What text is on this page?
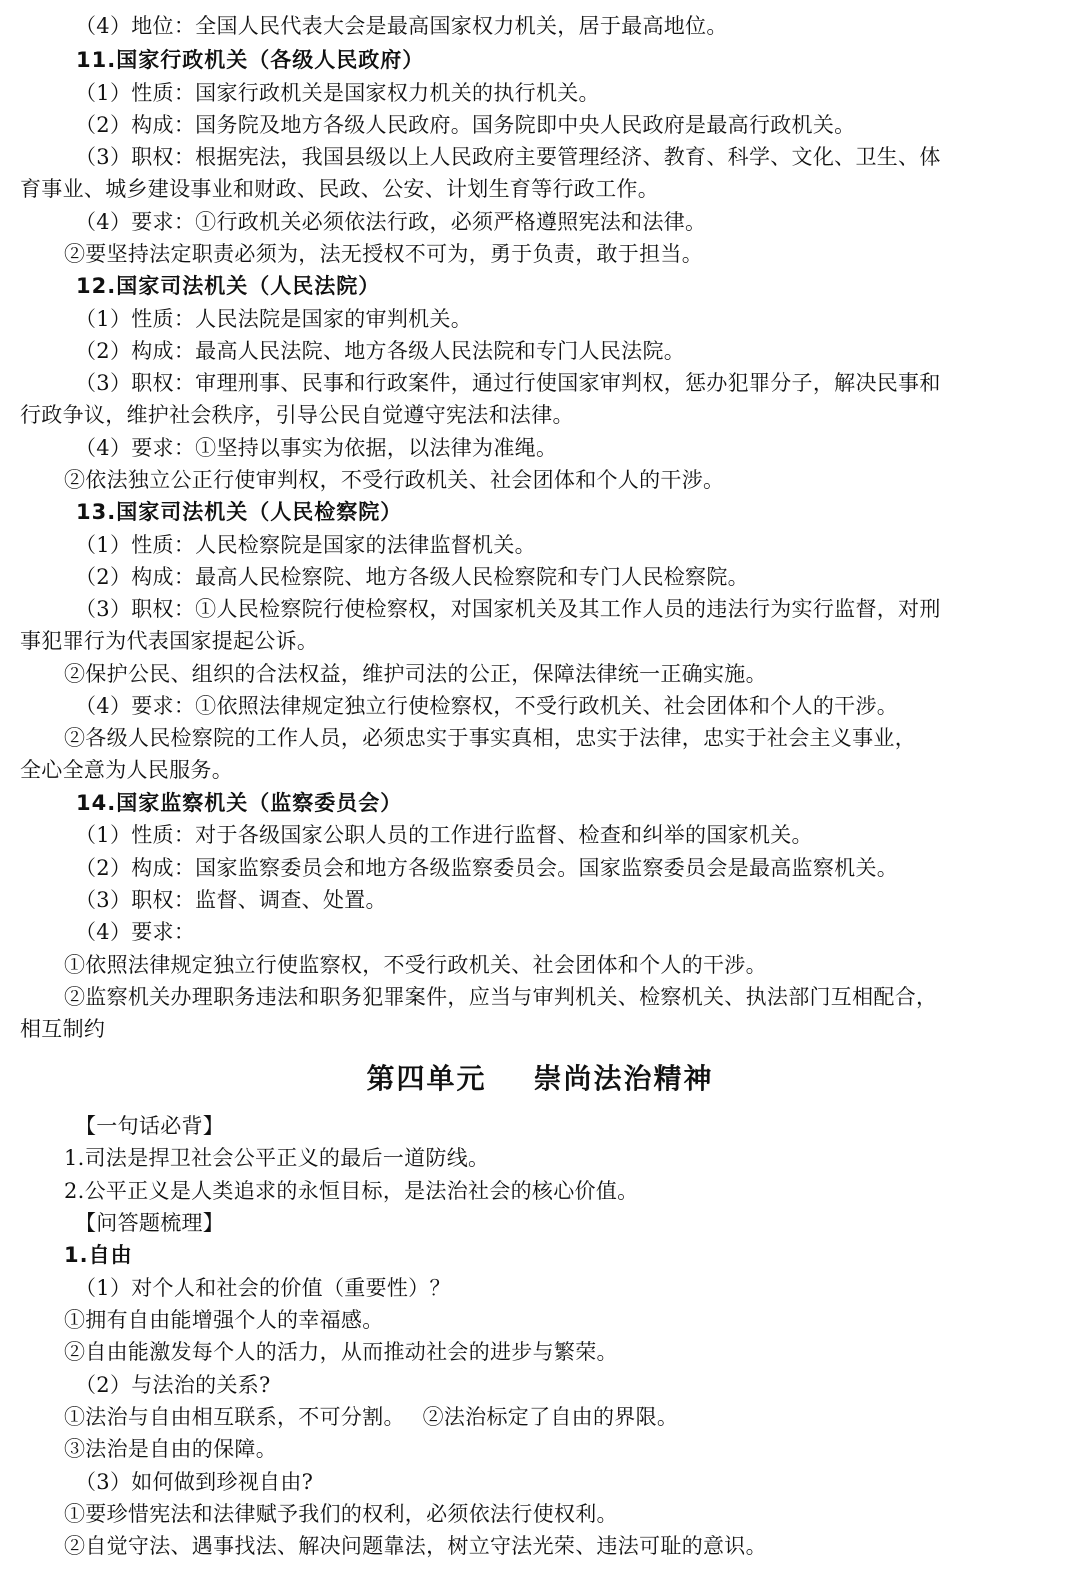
（4）地位：全国人民代表大会是最高国家权力机关，居于最高地位。
11.国家行政机关（各级人民政府）
（1）性质：国家行政机关是国家权力机关的执行机关。
（2）构成：国务院及地方各级人民政府。国务院即中央人民政府是最高行政机关。
（3）职权：根据宪法，我国县级以上人民政府主要管理经济、教育、科学、文化、卫生、体
育事业、城乡建设事业和财政、民政、公安、计划生育等行政工作。
（4）要求：①行政机关必须依法行政，必须严格遵照宪法和法律。
②要坚持法定职责必须为，法无授权不可为，勇于负责，敢于担当。
12.国家司法机关（人民法院）
（1）性质：人民法院是国家的审判机关。
（2）构成：最高人民法院、地方各级人民法院和专门人民法院。
（3）职权：审理刑事、民事和行政案件，通过行使国家审判权，惩办犯罪分子，解决民事和
行政争议，维护社会秩序，引导公民自觉遵守宪法和法律。
（4）要求：①坚持以事实为依据，以法律为准绳。
②依法独立公正行使审判权，不受行政机关、社会团体和个人的干涉。
13.国家司法机关（人民检察院）
（1）性质：人民检察院是国家的法律监督机关。
（2）构成：最高人民检察院、地方各级人民检察院和专门人民检察院。
（3）职权：①人民检察院行使检察权，对国家机关及其工作人员的违法行为实行监督，对刑
事犯罪行为代表国家提起公诉。
②保护公民、组织的合法权益，维护司法的公正，保障法律统一正确实施。
（4）要求：①依照法律规定独立行使检察权，不受行政机关、社会团体和个人的干涉。
②各级人民检察院的工作人员，必须忠实于事实真相，忠实于法律，忠实于社会主义事业，
全心全意为人民服务。
14.国家监察机关（监察委员会）
（1）性质：对于各级国家公职人员的工作进行监督、检查和纠举的国家机关。
（2）构成：国家监察委员会和地方各级监察委员会。国家监察委员会是最高监察机关。
（3）职权：监督、调查、处置。
（4）要求：
①依照法律规定独立行使监察权，不受行政机关、社会团体和个人的干涉。
②监察机关办理职务违法和职务犯罪案件，应当与审判机关、检察机关、执法部门互相配合，
相互制约
第四单元    崇尚法治精神
【一句话必背】
1.司法是捍卫社会公平正义的最后一道防线。
2.公平正义是人类追求的永恒目标，是法治社会的核心价值。
【问答题梳理】
1.自由
（1）对个人和社会的价值（重要性）？
①拥有自由能增强个人的幸福感。
②自由能激发每个人的活力，从而推动社会的进步与繁荣。
（2）与法治的关系?
①法治与自由相互联系，不可分割。　 ②法治标定了自由的界限。
③法治是自由的保障。
（3）如何做到珍视自由?
①要珍惜宪法和法律赋予我们的权利，必须依法行使权利。
②自觉守法、遇事找法、解决问题靠法，树立守法光荣、违法可耻的意识。
